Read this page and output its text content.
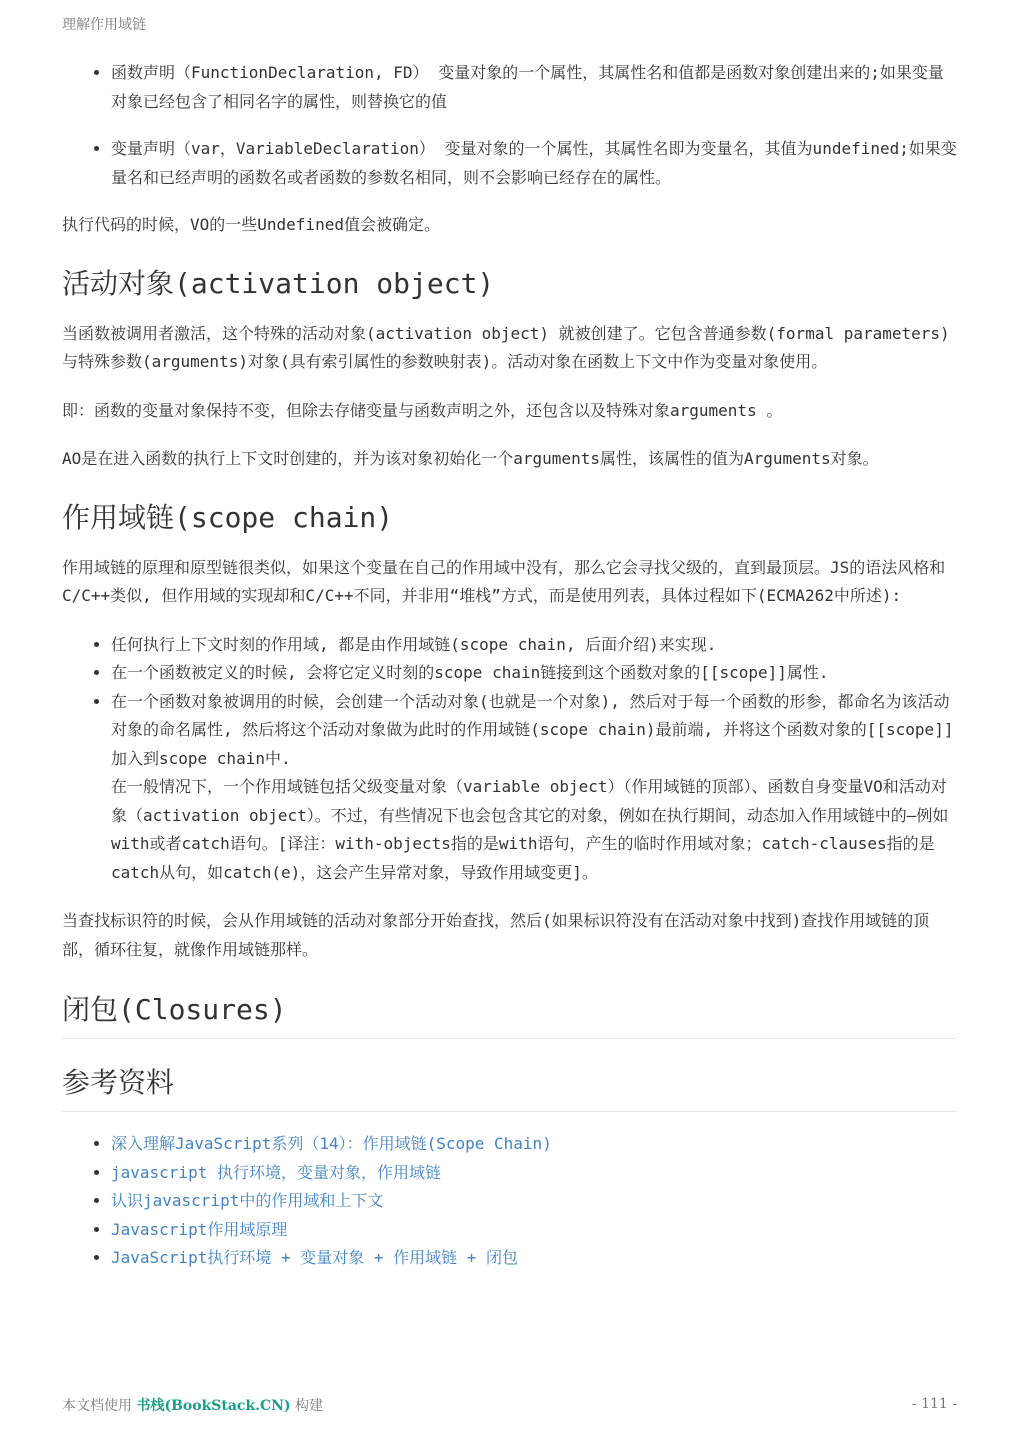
理解作用域链
• 函数声明（FunctionDeclaration, FD） 变量对象的一个属性，其属性名和值都是函数对象创建出来的;如果变量对象已经包含了相同名字的属性，则替换它的值
• 变量声明（var，VariableDeclaration） 变量对象的一个属性，其属性名即为变量名，其值为undefined;如果变量名和已经声明的函数名或者函数的参数名相同，则不会影响已经存在的属性。

执行代码的时候，VO的一些Undefined值会被确定。

活动对象(activation object)

当函数被调用者激活，这个特殊的活动对象(activation object) 就被创建了。它包含普通参数(formal parameters) 与特殊参数(arguments)对象(具有索引属性的参数映射表)。活动对象在函数上下文中作为变量对象使用。

即：函数的变量对象保持不变，但除去存储变量与函数声明之外，还包含以及特殊对象arguments 。

AO是在进入函数的执行上下文时创建的，并为该对象初始化一个arguments属性，该属性的值为Arguments对象。

作用域链(scope chain)

作用域链的原理和原型链很类似，如果这个变量在自己的作用域中没有，那么它会寻找父级的，直到最顶层。JS的语法风格和C/C++类似, 但作用域的实现却和C/C++不同，并非用“堆栈”方式，而是使用列表，具体过程如下(ECMA262中所述):

• 任何执行上下文时刻的作用域, 都是由作用域链(scope chain, 后面介绍)来实现.
• 在一个函数被定义的时候, 会将它定义时刻的scope chain链接到这个函数对象的[[scope]]属性.
• 在一个函数对象被调用的时候，会创建一个活动对象(也就是一个对象), 然后对于每一个函数的形参，都命名为该活动对象的命名属性, 然后将这个活动对象做为此时的作用域链(scope chain)最前端, 并将这个函数对象的[[scope]]加入到scope chain中.
在一般情况下，一个作用域链包括父级变量对象（variable object）（作用域链的顶部）、函数自身变量VO和活动对象（activation object）。不过，有些情况下也会包含其它的对象，例如在执行期间，动态加入作用域链中的—例如with或者catch语句。[译注：with-objects指的是with语句，产生的临时作用域对象；catch-clauses指的是catch从句，如catch(e)，这会产生异常对象，导致作用域变更]。

当查找标识符的时候，会从作用域链的活动对象部分开始查找，然后(如果标识符没有在活动对象中找到)查找作用域链的顶部，循环往复，就像作用域链那样。

闭包(Closures)
参考资料
• 深入理解JavaScript系列（14）：作用域链(Scope Chain)
• javascript 执行环境，变量对象，作用域链
• 认识javascript中的作用域和上下文
• Javascript作用域原理
• JavaScript执行环境 + 变量对象 + 作用域链 + 闭包
本文档使用 书栈(BookStack.CN) 构建	- 111 -
